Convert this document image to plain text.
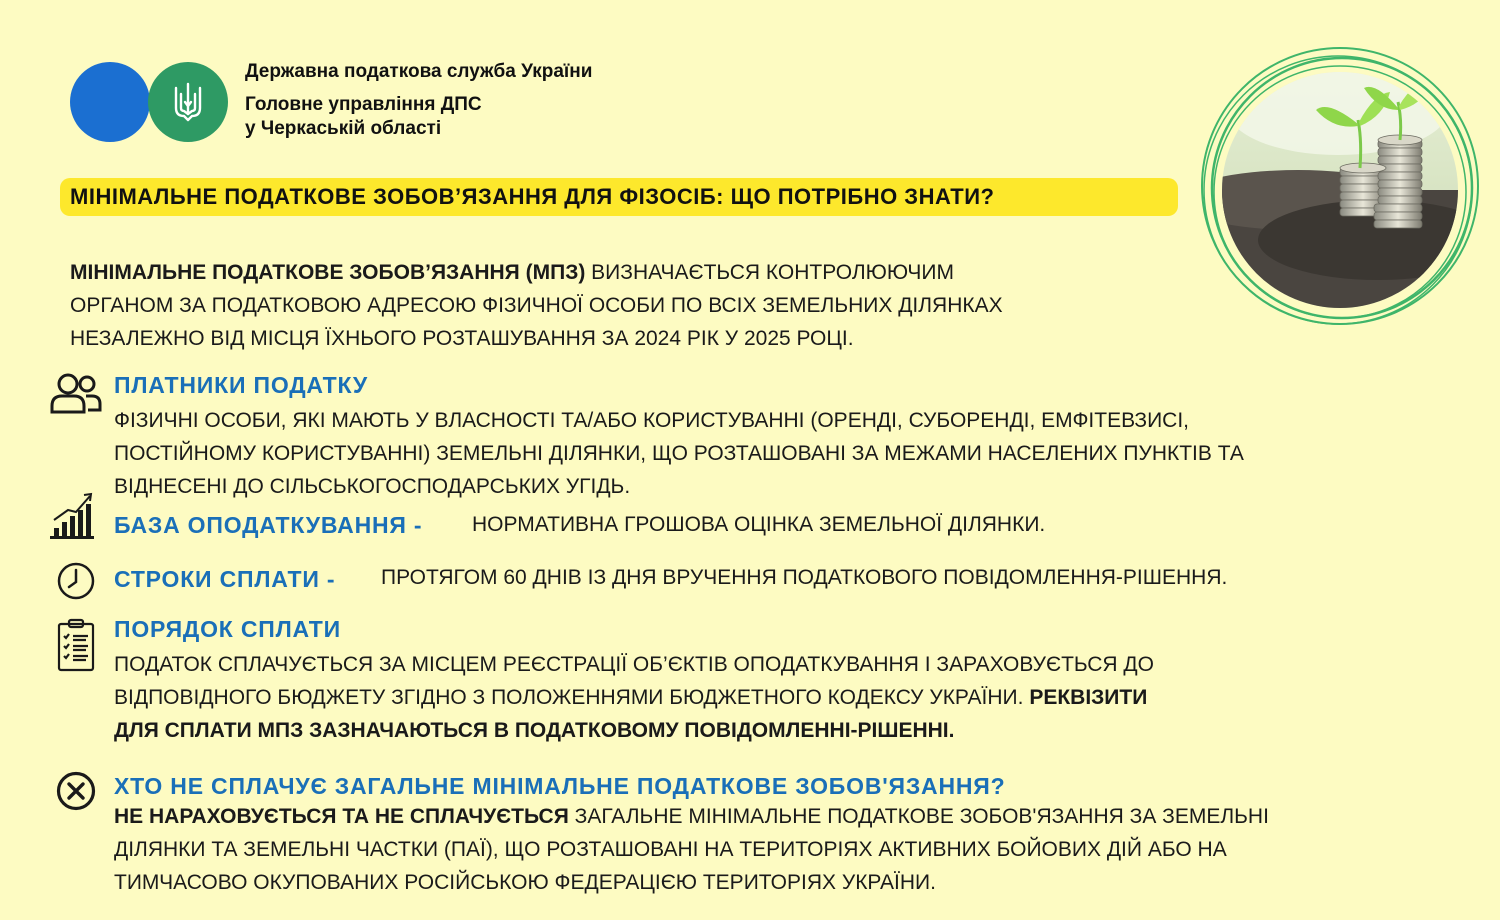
Державна податкова служба України
Головне управління ДПС
у Черкаській області
МІНІМАЛЬНЕ ПОДАТКОВЕ ЗОБОВ’ЯЗАННЯ ДЛЯ ФІЗОСІБ: ЩО ПОТРІБНО ЗНАТИ?
МІНІМАЛЬНЕ ПОДАТКОВЕ ЗОБОВ’ЯЗАННЯ (МПЗ) ВИЗНАЧАЄТЬСЯ КОНТРОЛЮЮЧИМ
ОРГАНОМ ЗА ПОДАТКОВОЮ АДРЕСОЮ ФІЗИЧНОЇ ОСОБИ ПО ВСІХ ЗЕМЕЛЬНИХ ДІЛЯНКАХ
НЕЗАЛЕЖНО ВІД МІСЦЯ ЇХНЬОГО РОЗТАШУВАННЯ ЗА 2024 РІК У 2025 РОЦІ.
ПЛАТНИКИ ПОДАТКУ
ФІЗИЧНІ ОСОБИ, ЯКІ МАЮТЬ У ВЛАСНОСТІ ТА/АБО КОРИСТУВАННІ (ОРЕНДІ, СУБОРЕНДІ, ЕМФІТЕВЗИСІ,
ПОСТІЙНОМУ КОРИСТУВАННІ) ЗЕМЕЛЬНІ ДІЛЯНКИ, ЩО РОЗТАШОВАНІ ЗА МЕЖАМИ НАСЕЛЕНИХ ПУНКТІВ ТА
ВІДНЕСЕНІ ДО СІЛЬСЬКОГОСПОДАРСЬКИХ УГІДЬ.
БАЗА ОПОДАТКУВАННЯ - НОРМАТИВНА ГРОШОВА ОЦІНКА ЗЕМЕЛЬНОЇ ДІЛЯНКИ.
СТРОКИ СПЛАТИ - ПРОТЯГОМ 60 ДНІВ ІЗ ДНЯ ВРУЧЕННЯ ПОДАТКОВОГО ПОВІДОМЛЕННЯ-РІШЕННЯ.
ПОРЯДОК СПЛАТИ
ПОДАТОК СПЛАЧУЄТЬСЯ ЗА МІСЦЕМ РЕЄСТРАЦІЇ ОБ’ЄКТІВ ОПОДАТКУВАННЯ І ЗАРАХОВУЄТЬСЯ ДО
ВІДПОВІДНОГО БЮДЖЕТУ ЗГІДНО З ПОЛОЖЕННЯМИ БЮДЖЕТНОГО КОДЕКСУ УКРАЇНИ. РЕКВІЗИТИ
ДЛЯ СПЛАТИ МПЗ ЗАЗНАЧАЮТЬСЯ В ПОДАТКОВОМУ ПОВІДОМЛЕННІ-РІШЕННІ.
ХТО НЕ СПЛАЧУЄ ЗАГАЛЬНЕ МІНІМАЛЬНЕ ПОДАТКОВЕ ЗОБОВ'ЯЗАННЯ?
НЕ НАРАХОВУЄТЬСЯ ТА НЕ СПЛАЧУЄТЬСЯ ЗАГАЛЬНЕ МІНІМАЛЬНЕ ПОДАТКОВЕ ЗОБОВ'ЯЗАННЯ ЗА ЗЕМЕЛЬНІ
ДІЛЯНКИ ТА ЗЕМЕЛЬНІ ЧАСТКИ (ПАЇ), ЩО РОЗТАШОВАНІ НА ТЕРИТОРІЯХ АКТИВНИХ БОЙОВИХ ДІЙ АБО НА
ТИМЧАСОВО ОКУПОВАНИХ РОСІЙСЬКОЮ ФЕДЕРАЦІЄЮ ТЕРИТОРІЯХ УКРАЇНИ.
